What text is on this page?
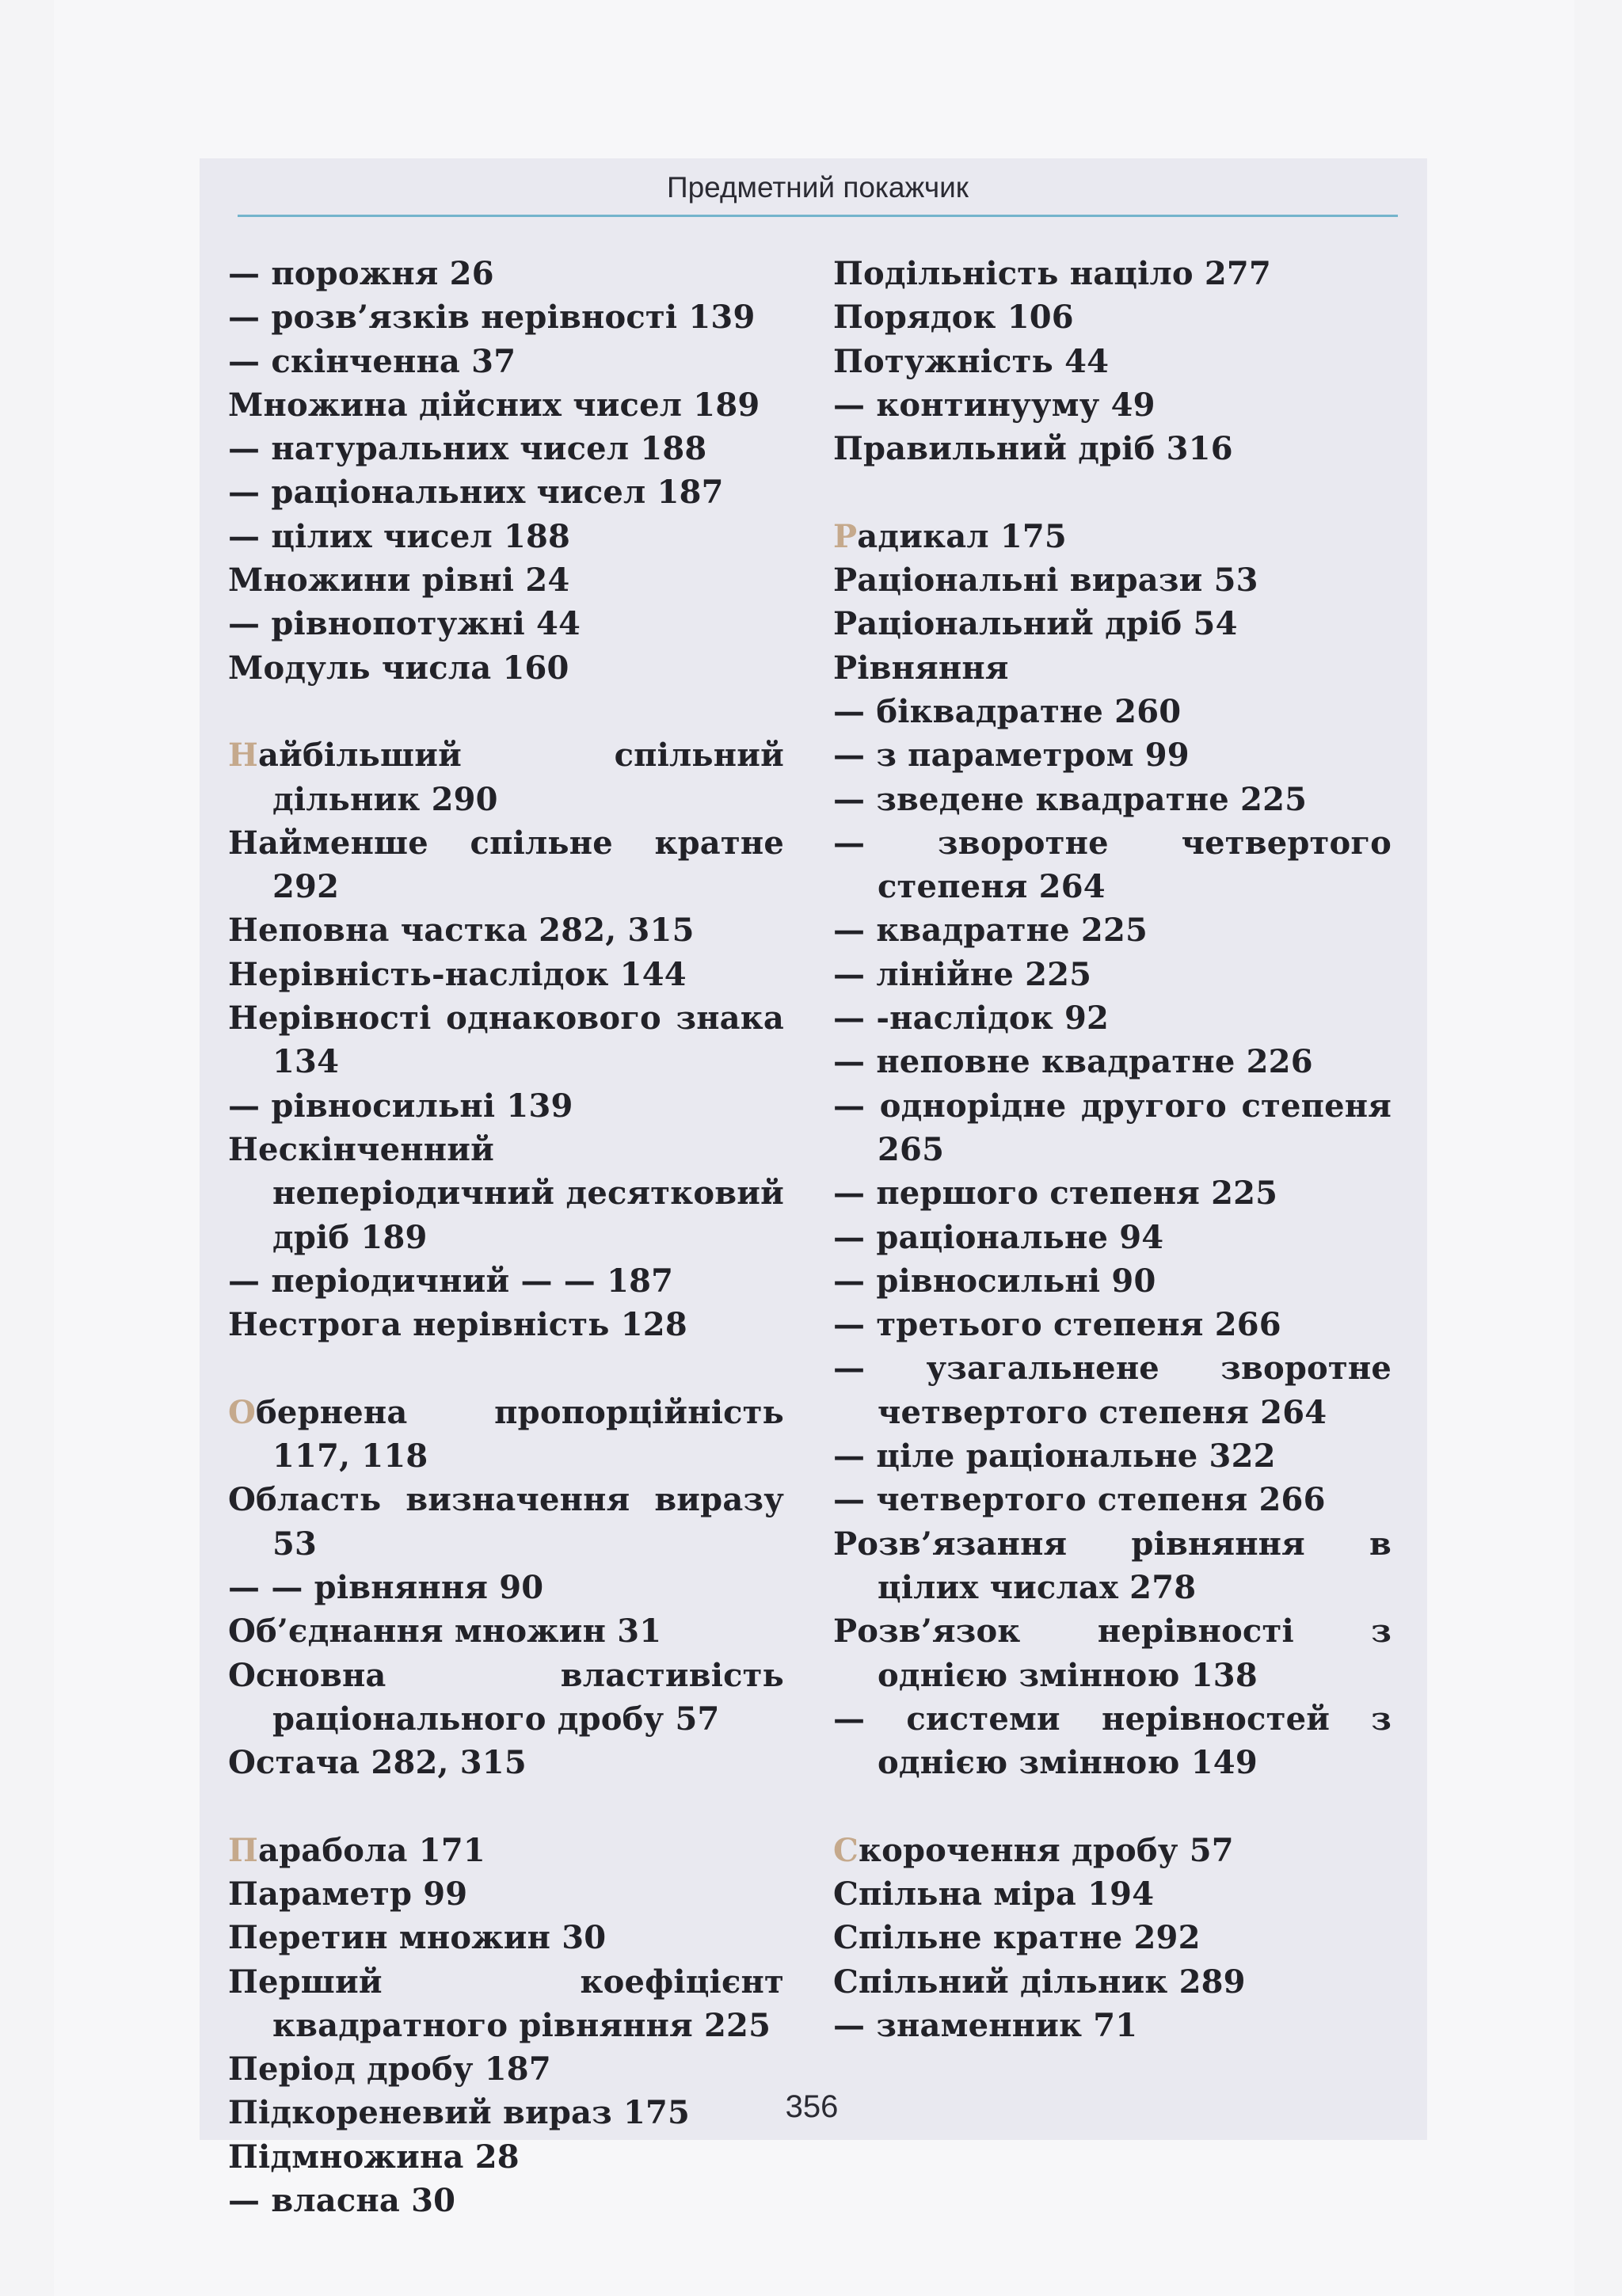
Предметний покажчик

— порожня 26

— розв’язків нерівності 139

— скінченна 37

Множина дійсних чисел 189

— натуральних чисел 188

— раціональних чисел 187

— цілих чисел 188

Множини рівні 24

— рівнопотужні 44

Модуль числа 160

Найбільший спільний дільник 290

Найменше спільне кратне 292

Неповна частка 282, 315

Нерівність-наслідок 144

Нерівності однакового знака 134

— рівносильні 139

Нескінченний неперіодичний десятковий дріб 189

— періодичний — — 187

Нестрога нерівність 128

Обернена пропорційність 117, 118

Область визначення виразу 53

— — рівняння 90

Об’єднання множин 31

Основна властивість раціонального дробу 57

Остача 282, 315

Парабола 171

Параметр 99

Перетин множин 30

Перший коефіцієнт квадратного рівняння 225

Період дробу 187

Підкореневий вираз 175

Підмножина 28

— власна 30

Подільність націло 277

Порядок 106

Потужність 44

— континууму 49

Правильний дріб 316

Радикал 175

Раціональні вирази 53

Раціональний дріб 54

Рівняння

— біквадратне 260

— з параметром 99

— зведене квадратне 225

— зворотне четвертого степеня 264

— квадратне 225

— лінійне 225

— -наслідок 92

— неповне квадратне 226

— однорідне другого степеня 265

— першого степеня 225

— раціональне 94

— рівносильні 90

— третього степеня 266

— узагальнене зворотне четвертого степеня 264

— ціле раціональне 322

— четвертого степеня 266

Розв’язання рівняння в цілих числах 278

Розв’язок нерівності з однією змінною 138

— системи нерівностей з однією змінною 149

Скорочення дробу 57

Спільна міра 194

Спільне кратне 292

Спільний дільник 289

— знаменник 71

356
